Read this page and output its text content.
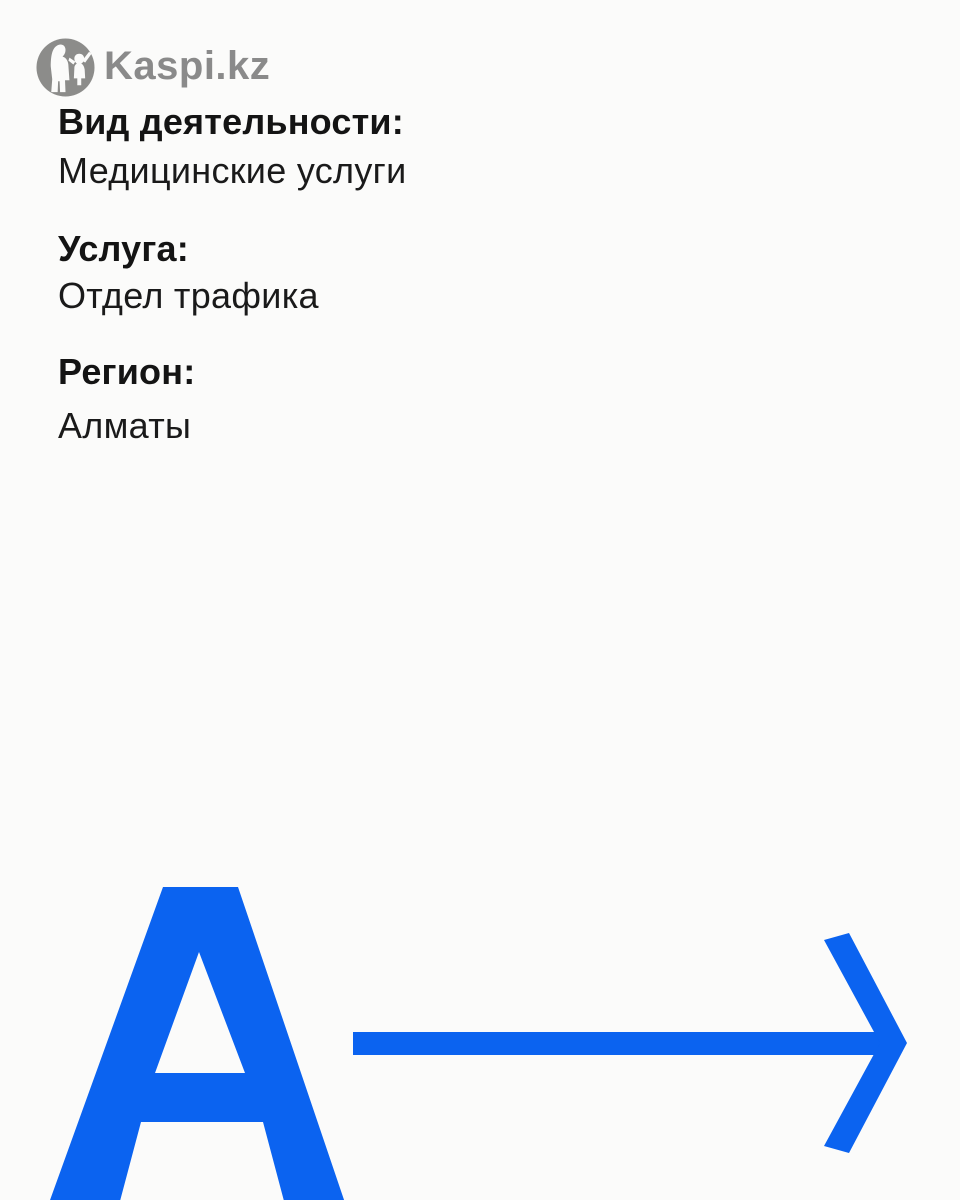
Kaspi.kz
Вид деятельности:
Медицинские услуги
Услуга:
Отдел трафика
Регион:
Алматы
